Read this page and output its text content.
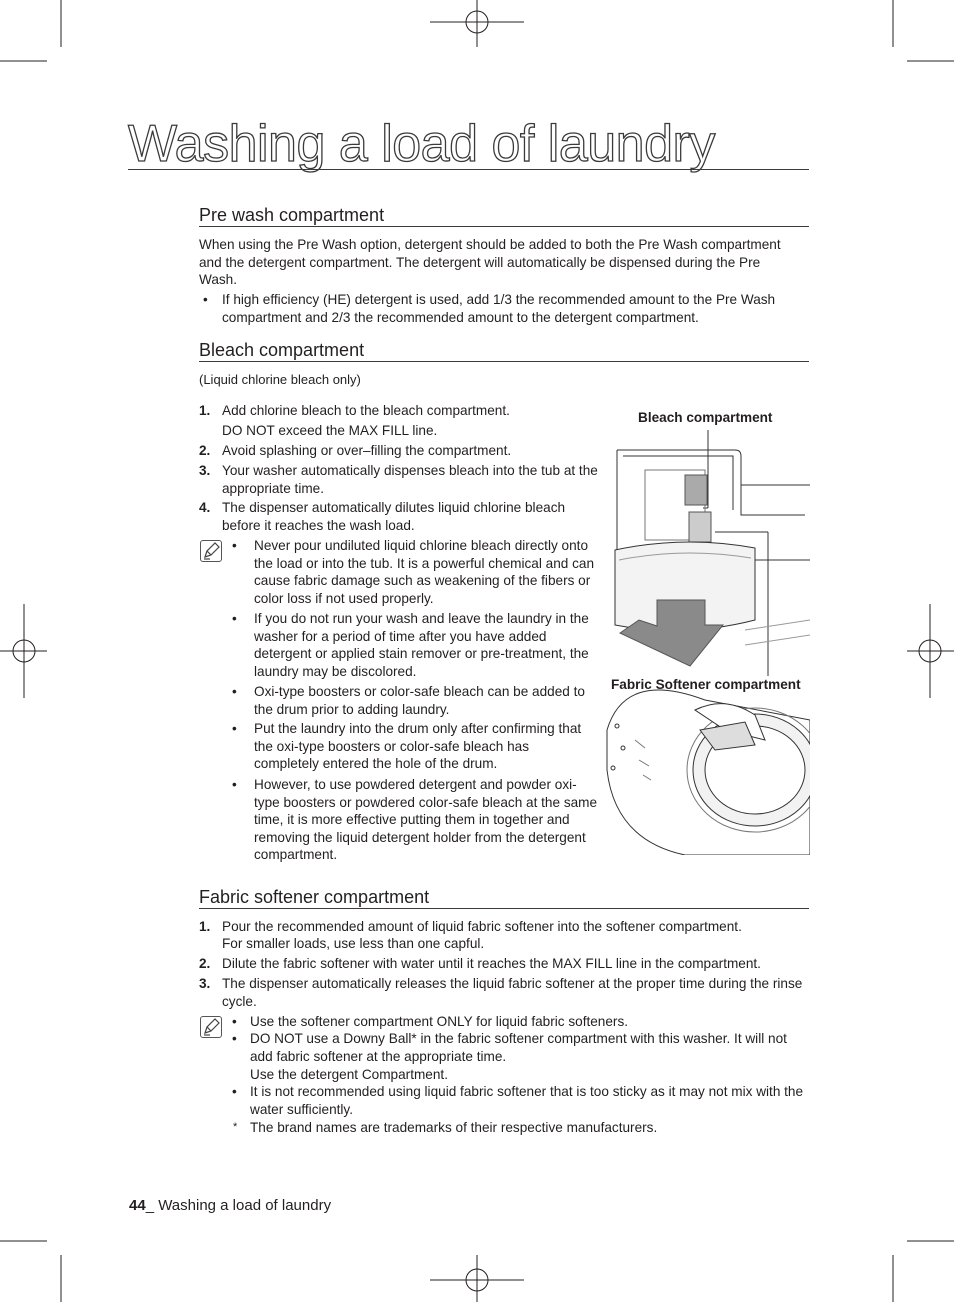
Washing a load of laundry
Pre wash compartment
When using the Pre Wash option, detergent should be added to both the Pre Wash compartment and the detergent compartment. The detergent will automatically be dispensed during the Pre Wash.
• If high efficiency (HE) detergent is used, add 1/3 the recommended amount to the Pre Wash compartment and 2/3 the recommended amount to the detergent compartment.
Bleach compartment
(Liquid chlorine bleach only)
1. Add chlorine bleach to the bleach compartment.
DO NOT exceed the MAX FILL line.
2. Avoid splashing or over–filling the compartment.
3. Your washer automatically dispenses bleach into the tub at the appropriate time.
4. The dispenser automatically dilutes liquid chlorine bleach before it reaches the wash load.
• Never pour undiluted liquid chlorine bleach directly onto the load or into the tub. It is a powerful chemical and can cause fabric damage such as weakening of the fibers or color loss if not used properly.
• If you do not run your wash and leave the laundry in the washer for a period of time after you have added detergent or applied stain remover or pre-treatment, the laundry may be discolored.
• Oxi-type boosters or color-safe bleach can be added to the drum prior to adding laundry.
• Put the laundry into the drum only after confirming that the oxi-type boosters or color-safe bleach has completely entered the hole of the drum.
• However, to use powdered detergent and powder oxi-type boosters or powdered color-safe bleach at the same time, it is more effective putting them in together and removing the liquid detergent holder from the detergent compartment.
Bleach compartment
Fabric Softener compartment
Fabric softener compartment
1. Pour the recommended amount of liquid fabric softener into the softener compartment.
For smaller loads, use less than one capful.
2. Dilute the fabric softener with water until it reaches the MAX FILL line in the compartment.
3. The dispenser automatically releases the liquid fabric softener at the proper time during the rinse cycle.
• Use the softener compartment ONLY for liquid fabric softeners.
• DO NOT use a Downy Ball* in the fabric softener compartment with this washer. It will not add fabric softener at the appropriate time.
Use the detergent Compartment.
• It is not recommended using liquid fabric softener that is too sticky as it may not mix with the water sufficiently.
* The brand names are trademarks of their respective manufacturers.
44_ Washing a load of laundry
